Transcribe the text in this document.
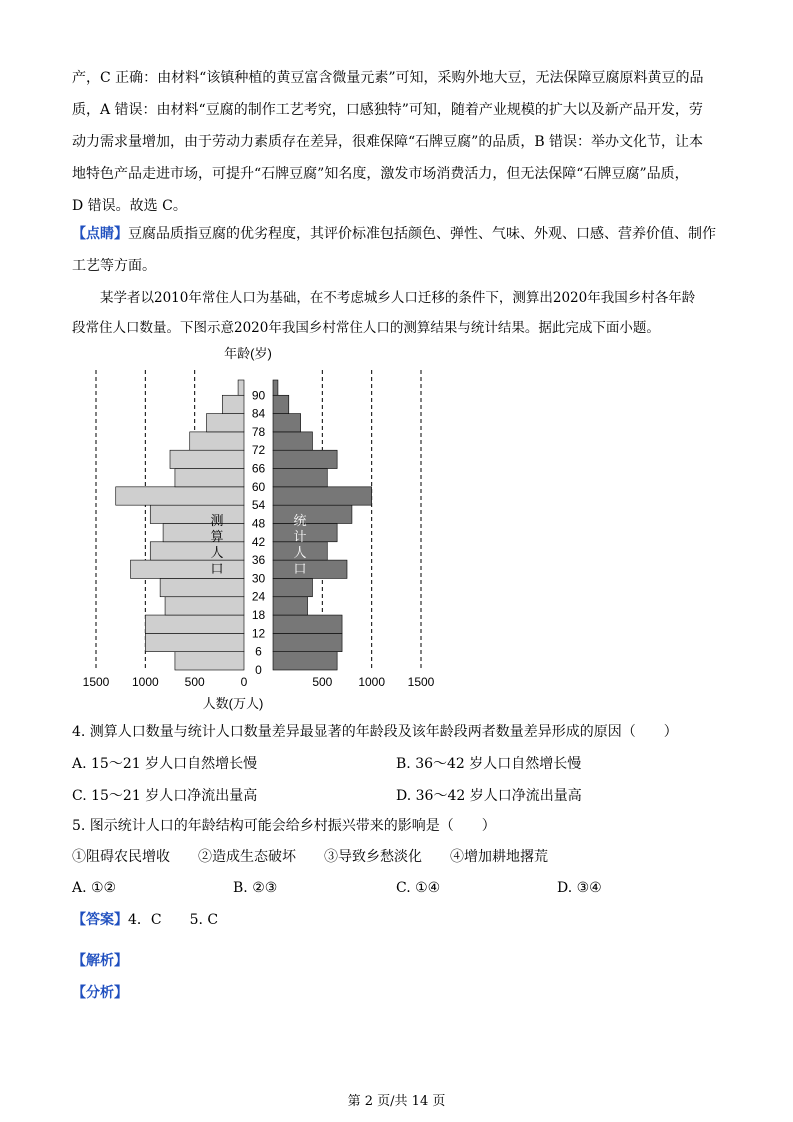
产，C 正确：由材料“该镇种植的黄豆富含微量元素”可知，采购外地大豆，无法保障豆腐原料黄豆的品
质，A 错误：由材料“豆腐的制作工艺考究，口感独特”可知，随着产业规模的扩大以及新产品开发，劳
动力需求量增加，由于劳动力素质存在差异，很难保障“石牌豆腐”的品质，B 错误：举办文化节，让本
地特色产品走进市场，可提升“石牌豆腐”知名度，激发市场消费活力，但无法保障“石牌豆腐”品质，
D 错误。故选 C。
【点睛】 豆腐品质指豆腐的优劣程度，其评价标准包括颜色、弹性、气味、外观、口感、营养价值、制作
工艺等方面。
某学者以2010年常住人口为基础，在不考虑城乡人口迁移的条件下，测算出2020年我国乡村各年龄
段常住人口数量。下图示意2020年我国乡村常住人口的测算结果与统计结果。据此完成下面小题。
年龄(岁)
人数(万人)
0
6
12
18
24
30
36
42
48
54
60
66
72
78
84
90
1500 1000 500	0	500 1000 1500
测
算
人
口
统
计
人
口
4. 测算人口数量与统计人口数量差异最显著的年龄段及该年龄段两者数量差异形成的原因（　　）
A. 15～21 岁人口自然增长慢	B. 36～42 岁人口自然增长慢
C. 15～21 岁人口净流出量高	D. 36～42 岁人口净流出量高
5. 图示统计人口的年龄结构可能会给乡村振兴带来的影响是（　　）
①阻碍农民增收　　②造成生态破坏　　③导致乡愁淡化　　④增加耕地撂荒
A. ①②	B. ②③	C. ①④	D. ③④
【答案】 4．C　　5. C
【解析】
【分析】
第 2 页/共 14 页
